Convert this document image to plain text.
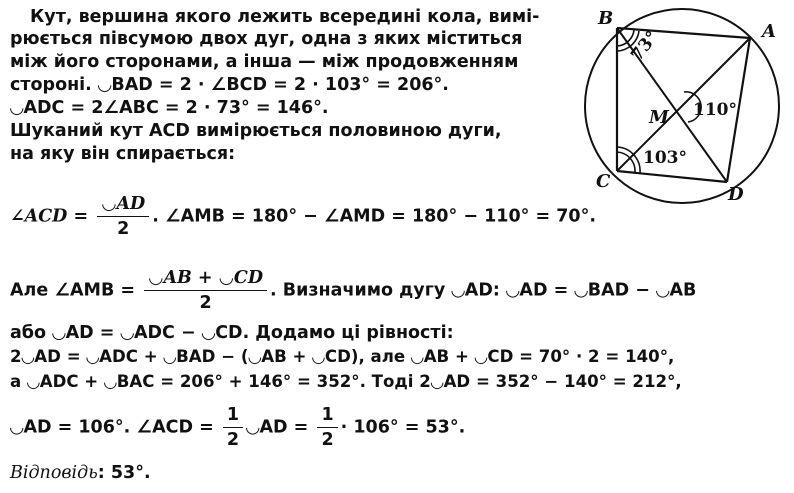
Кут, вершина якого лежить всередині кола, вимі-
рюється півсумою двох дуг, одна з яких міститься
між його сторонами, а інша — між продовженням
стороні. ◡BAD = 2 · ∠BCD = 2 · 103° = 206°.
◡ADC = 2∠ABC = 2 · 73° = 146°.
Шуканий кут ACD вимірюється половиною дуги,
на яку він спирається:
∠ACD = $\frac{◡AD}{2}$ . ∠AMB = 180° − ∠AMD = 180° − 110° = 70°.
Але ∠AMB = $\frac{◡AB + ◡CD}{2}$ . Визначимо дугу ◡AD: ◡AD = ◡BAD − ◡AB
або ◡AD = ◡ADC − ◡CD. Додамо ці рівності:
2◡AD = ◡ADC + ◡BAD − (◡AB + ◡CD), але ◡AB + ◡CD = 70° · 2 = 140°,
а ◡ADC + ◡BAC = 206° + 146° = 352°. Тоді 2◡AD = 352° − 140° = 212°,
◡AD = 106°. ∠ACD = $\frac{1}{2}$ ◡AD = $\frac{1}{2} \cdot 106^\circ = 53^\circ$.
Відповідь: 53°.
B
A
C
D
M
73°
110°
103°
